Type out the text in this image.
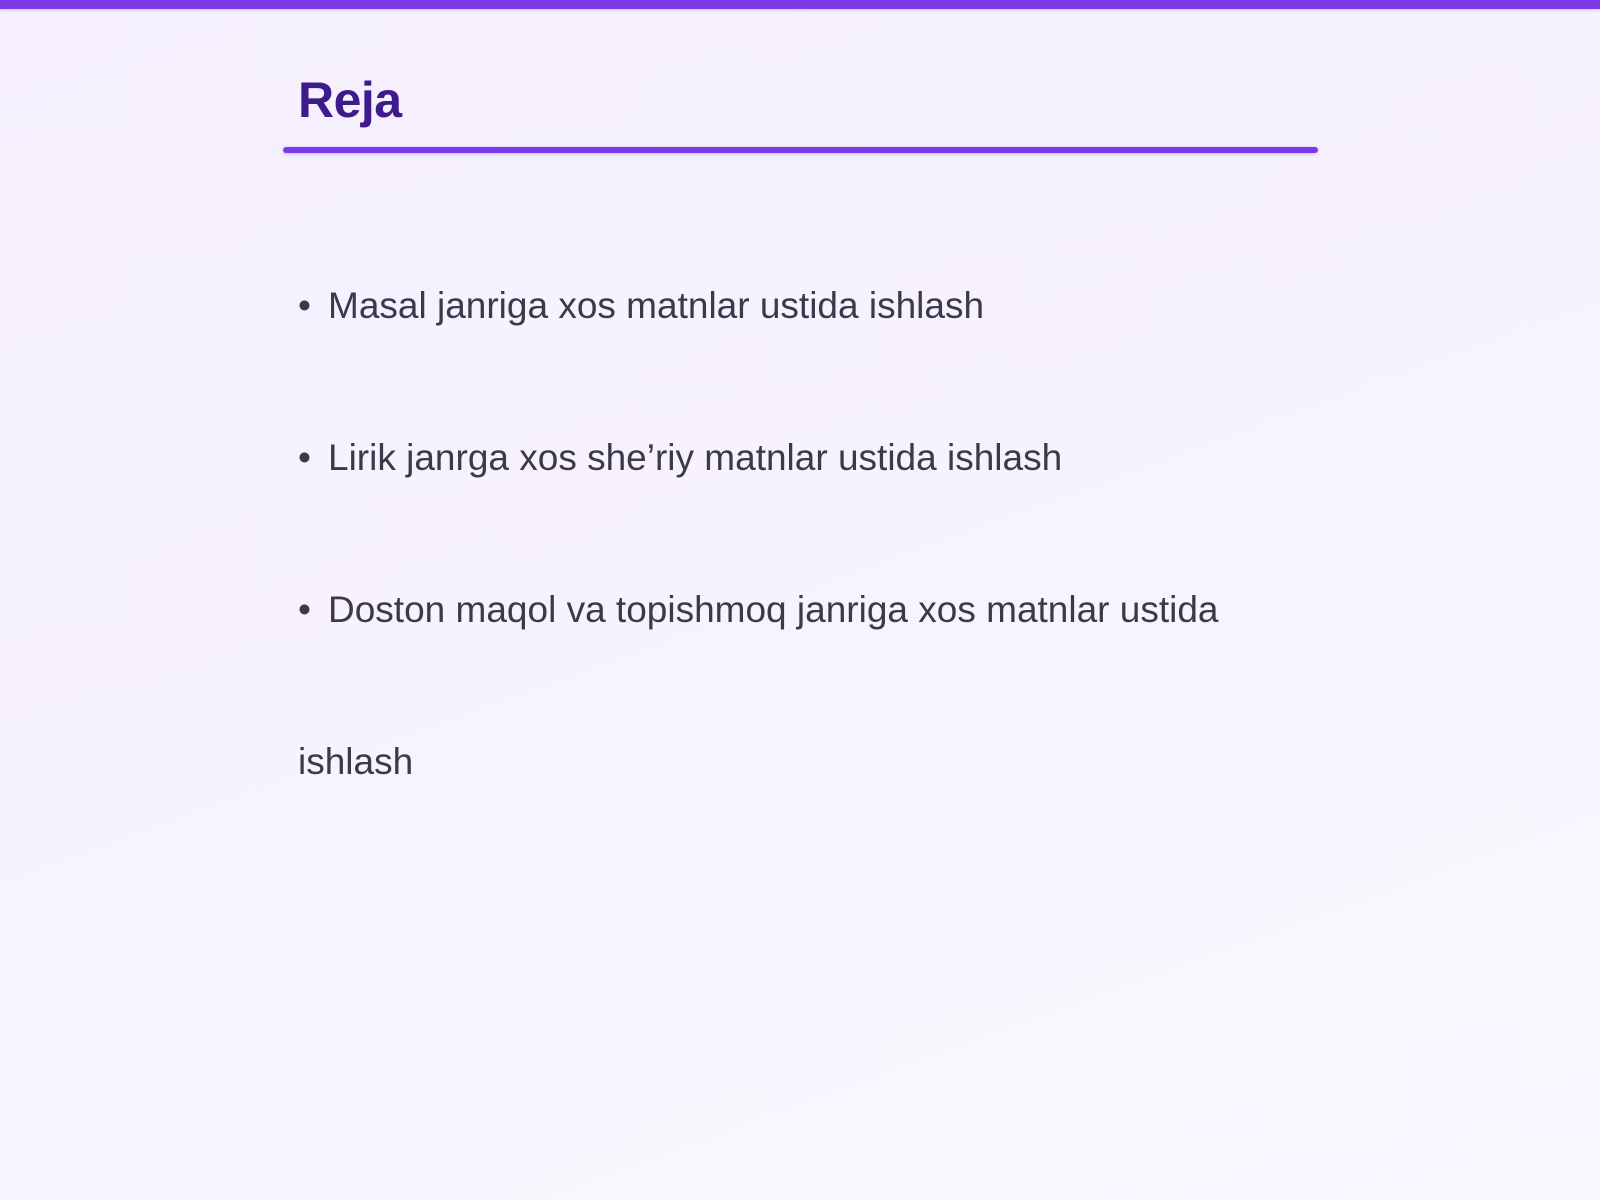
Reja
• Masal janriga xos matnlar ustida ishlash
• Lirik janrga xos she’riy matnlar ustida ishlash
• Doston maqol va topishmoq janriga xos matnlar ustida
ishlash
